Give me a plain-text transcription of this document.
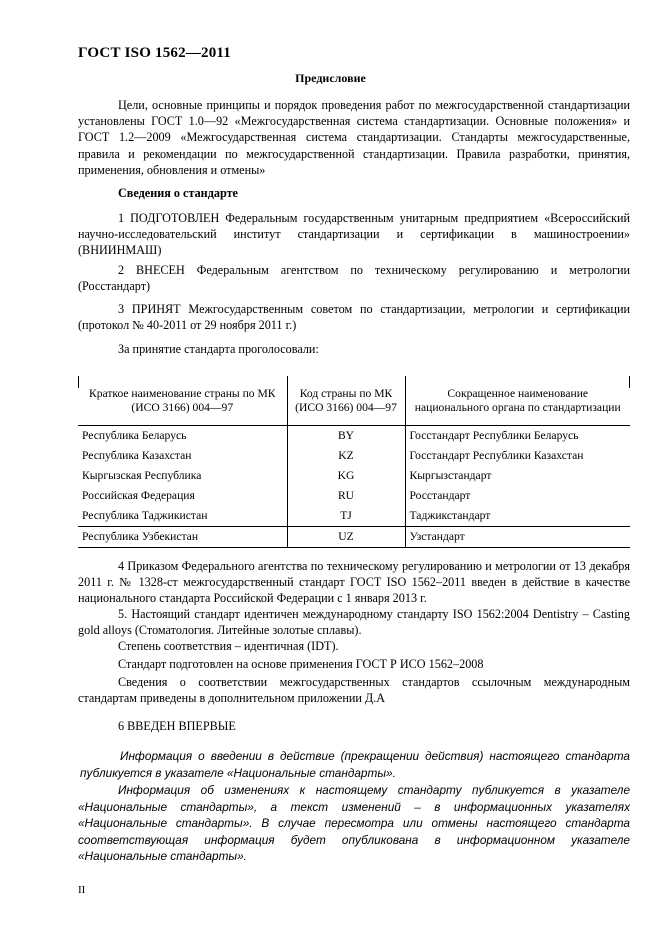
ГОСТ ISO 1562—2011
Предисловие
Цели, основные принципы и порядок проведения работ по межгосударственной стандартизации установлены ГОСТ 1.0—92 «Межгосударственная система стандартизации. Основные положения» и ГОСТ 1.2—2009 «Межгосударственная система стандартизации. Стандарты межгосударственные, правила и рекомендации по межгосударственной стандартизации. Правила разработки, принятия, применения, обновления и отмены»
Сведения о стандарте
1 ПОДГОТОВЛЕН Федеральным государственным унитарным предприятием «Всероссийский научно-исследовательский институт стандартизации и сертификации в машиностроении» (ВНИИНМАШ)
2 ВНЕСЕН Федеральным агентством по техническому регулированию и метрологии (Росстандарт)
3 ПРИНЯТ Межгосударственным советом по стандартизации, метрологии и сертификации (протокол № 40-2011 от 29 ноября 2011 г.)
За принятие стандарта проголосовали:
Краткое наименование страны по МК (ИСО 3166) 004—97	Код страны по МК (ИСО 3166) 004—97	Сокращенное наименование национального органа по стандартизации
Республика Беларусь	BY	Госстандарт Республики Беларусь
Республика Казахстан	KZ	Госстандарт Республики Казахстан
Кыргызская Республика	KG	Кыргызстандарт
Российская Федерация	RU	Росстандарт
Республика Таджикистан	TJ	Таджикстандарт
Республика Узбекистан	UZ	Узстандарт
4 Приказом Федерального агентства по техническому регулированию и метрологии от 13 декабря 2011 г. № 1328-ст межгосударственный стандарт ГОСТ ISO 1562–2011 введен в действие в качестве национального стандарта Российской Федерации с 1 января 2013 г.
5. Настоящий стандарт идентичен международному стандарту ISO 1562:2004 Dentistry – Casting gold alloys (Стоматология. Литейные золотые сплавы).
Степень соответствия – идентичная (IDT).
Стандарт подготовлен на основе применения ГОСТ Р ИСО 1562–2008
Сведения о соответствии межгосударственных стандартов ссылочным международным стандартам приведены в дополнительном приложении Д.А
6 ВВЕДЕН ВПЕРВЫЕ
Информация о введении в действие (прекращении действия) настоящего стандарта публикуется в указателе «Национальные стандарты».
Информация об изменениях к настоящему стандарту публикуется в указателе «Национальные стандарты», а текст изменений – в информационных указателях «Национальные стандарты». В случае пересмотра или отмены настоящего стандарта соответствующая информация будет опубликована в информационном указателе «Национальные стандарты».
II
